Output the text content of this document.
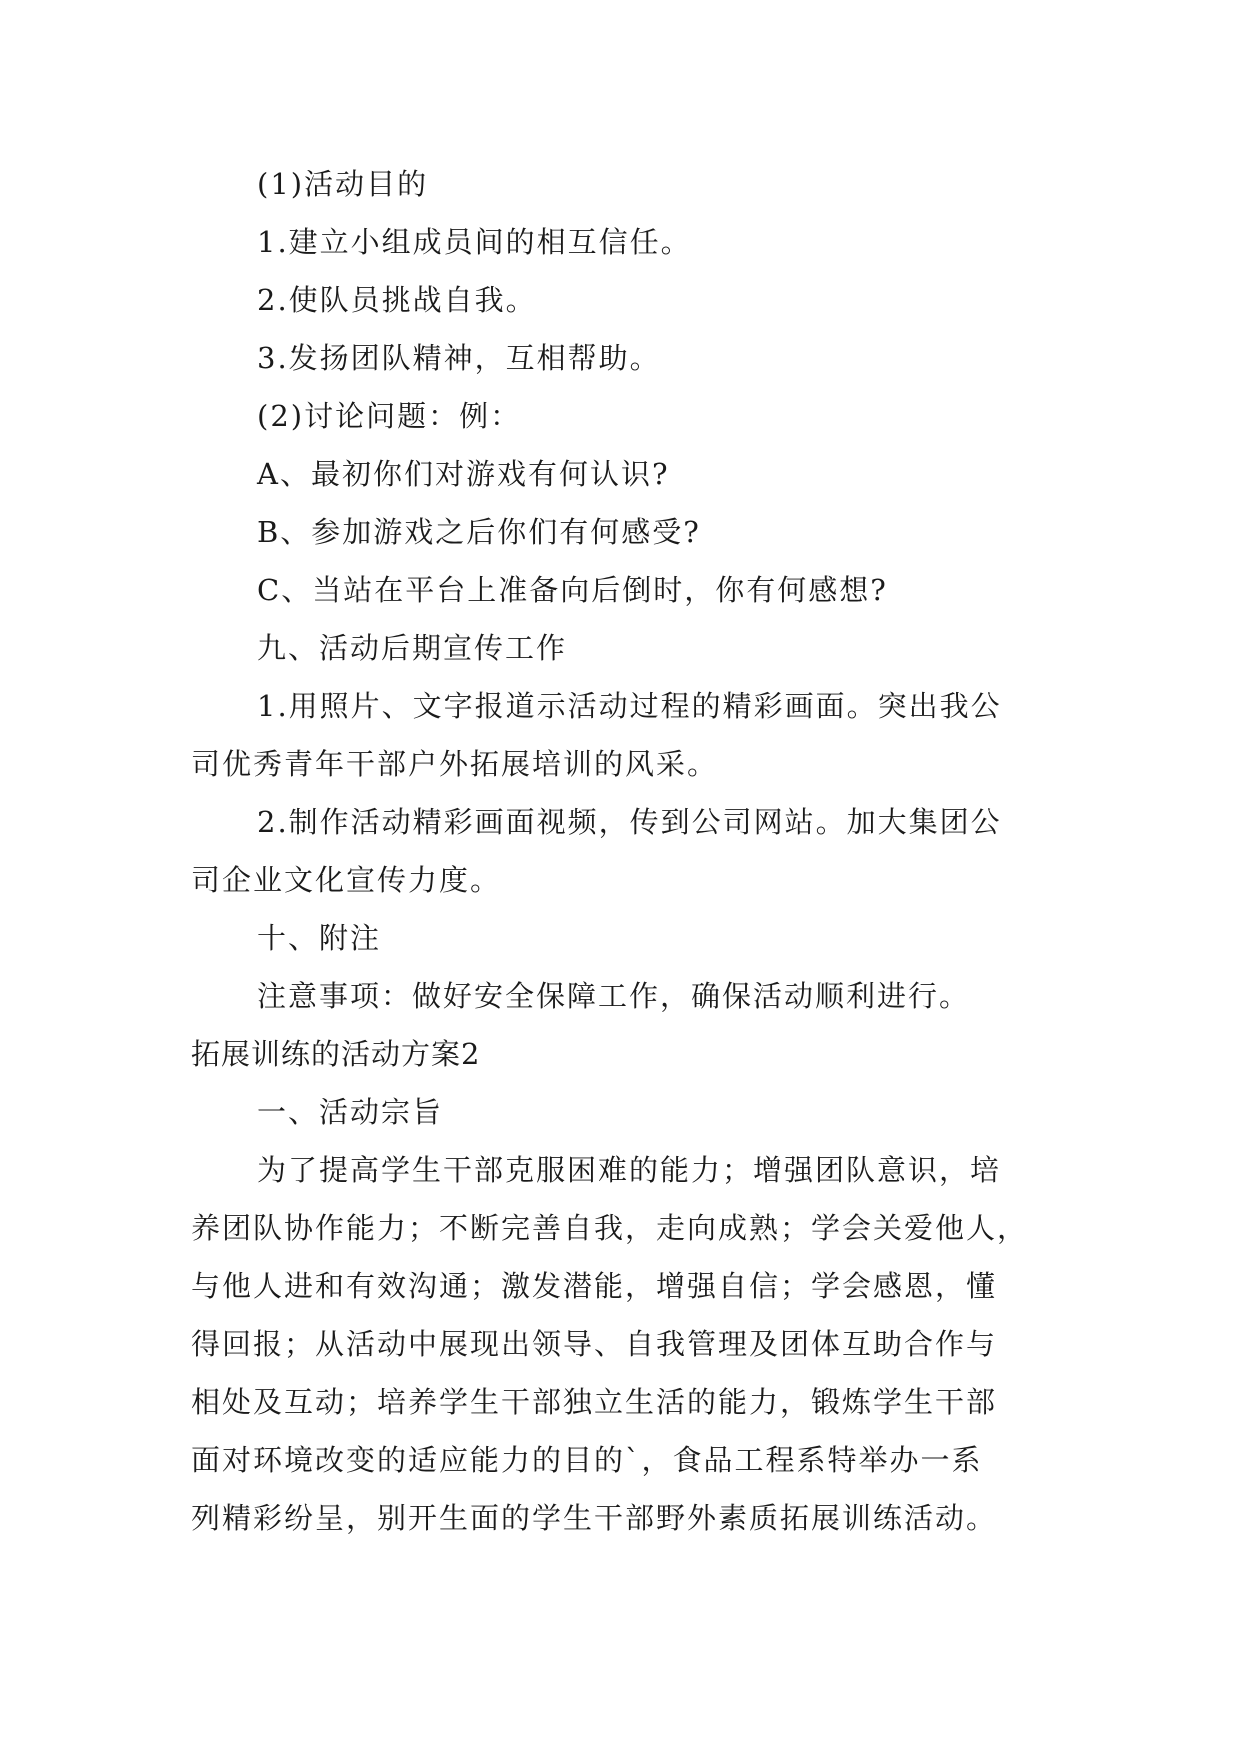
(1)活动目的
1.建立小组成员间的相互信任。
2.使队员挑战自我。
3.发扬团队精神，互相帮助。
(2)讨论问题：例：
A、最初你们对游戏有何认识?
B、参加游戏之后你们有何感受?
C、当站在平台上准备向后倒时，你有何感想?
九、活动后期宣传工作
1.用照片、文字报道示活动过程的精彩画面。突出我公
司优秀青年干部户外拓展培训的风采。
2.制作活动精彩画面视频，传到公司网站。加大集团公
司企业文化宣传力度。
十、附注
注意事项：做好安全保障工作，确保活动顺利进行。
拓展训练的活动方案2
一、活动宗旨
为了提高学生干部克服困难的能力；增强团队意识，培
养团队协作能力；不断完善自我，走向成熟；学会关爱他人，
与他人进和有效沟通；激发潜能，增强自信；学会感恩，懂
得回报；从活动中展现出领导、自我管理及团体互助合作与
相处及互动；培养学生干部独立生活的能力，锻炼学生干部
面对环境改变的适应能力的目的`，食品工程系特举办一系
列精彩纷呈，别开生面的学生干部野外素质拓展训练活动。
